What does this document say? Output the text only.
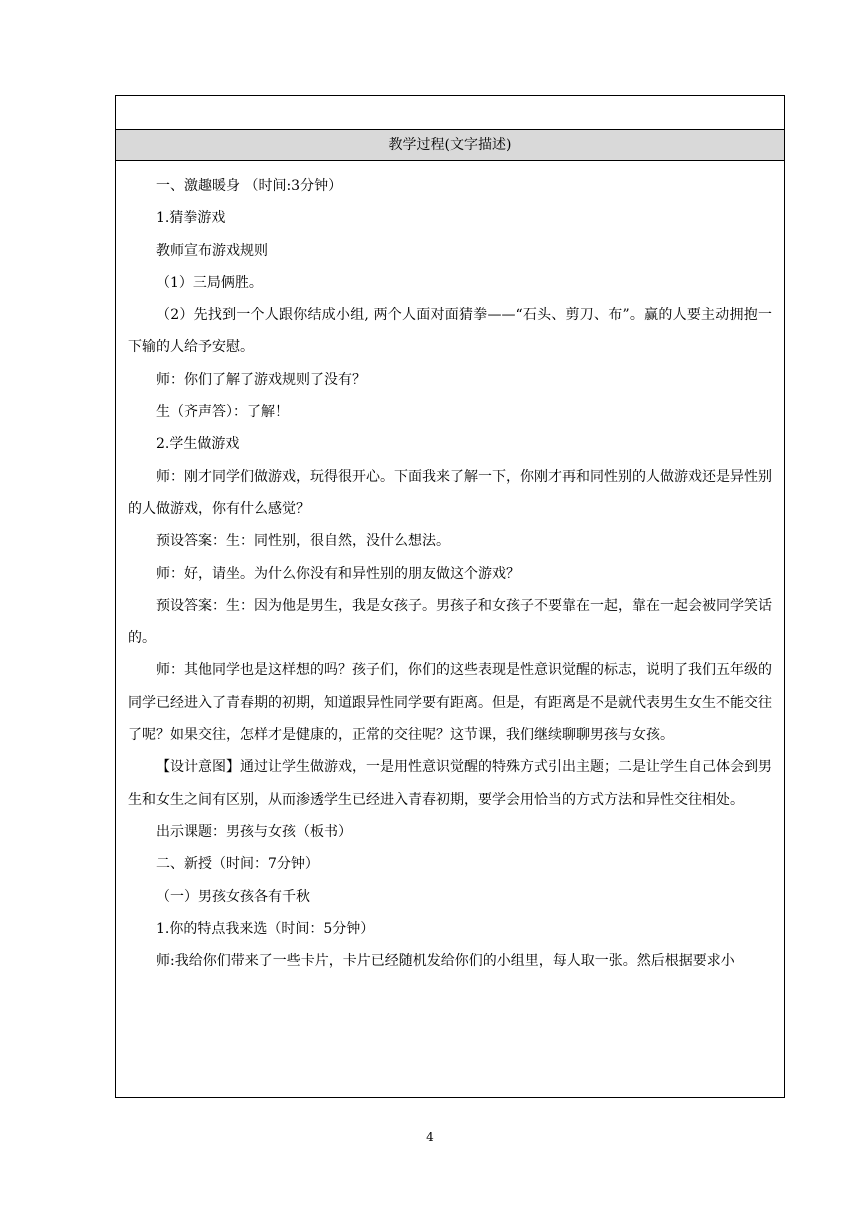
教学过程(文字描述)

一、激趣暖身 （时间:3分钟）

1.猜拳游戏

教师宣布游戏规则

（1）三局俩胜。

（2）先找到一个人跟你结成小组, 两个人面对面猜拳——“石头、剪刀、布”。赢的人要主动拥抱一下输的人给予安慰。

师：你们了解了游戏规则了没有？

生（齐声答）：了解！

2.学生做游戏

师：刚才同学们做游戏，玩得很开心。下面我来了解一下，你刚才再和同性别的人做游戏还是异性别的人做游戏，你有什么感觉？

预设答案：生：同性别，很自然，没什么想法。

师：好，请坐。为什么你没有和异性别的朋友做这个游戏？

预设答案：生：因为他是男生，我是女孩子。男孩子和女孩子不要靠在一起，靠在一起会被同学笑话的。

师：其他同学也是这样想的吗？孩子们，你们的这些表现是性意识觉醒的标志，说明了我们五年级的同学已经进入了青春期的初期，知道跟异性同学要有距离。但是，有距离是不是就代表男生女生不能交往了呢？如果交往，怎样才是健康的，正常的交往呢？这节课，我们继续聊聊男孩与女孩。

【设计意图】通过让学生做游戏，一是用性意识觉醒的特殊方式引出主题；二是让学生自己体会到男生和女生之间有区别，从而渗透学生已经进入青春初期，要学会用恰当的方式方法和异性交往相处。

出示课题：男孩与女孩（板书）

二、新授（时间：7分钟）

（一）男孩女孩各有千秋

1.你的特点我来选（时间：5分钟）

师:我给你们带来了一些卡片，卡片已经随机发给你们的小组里，每人取一张。然后根据要求小

4
